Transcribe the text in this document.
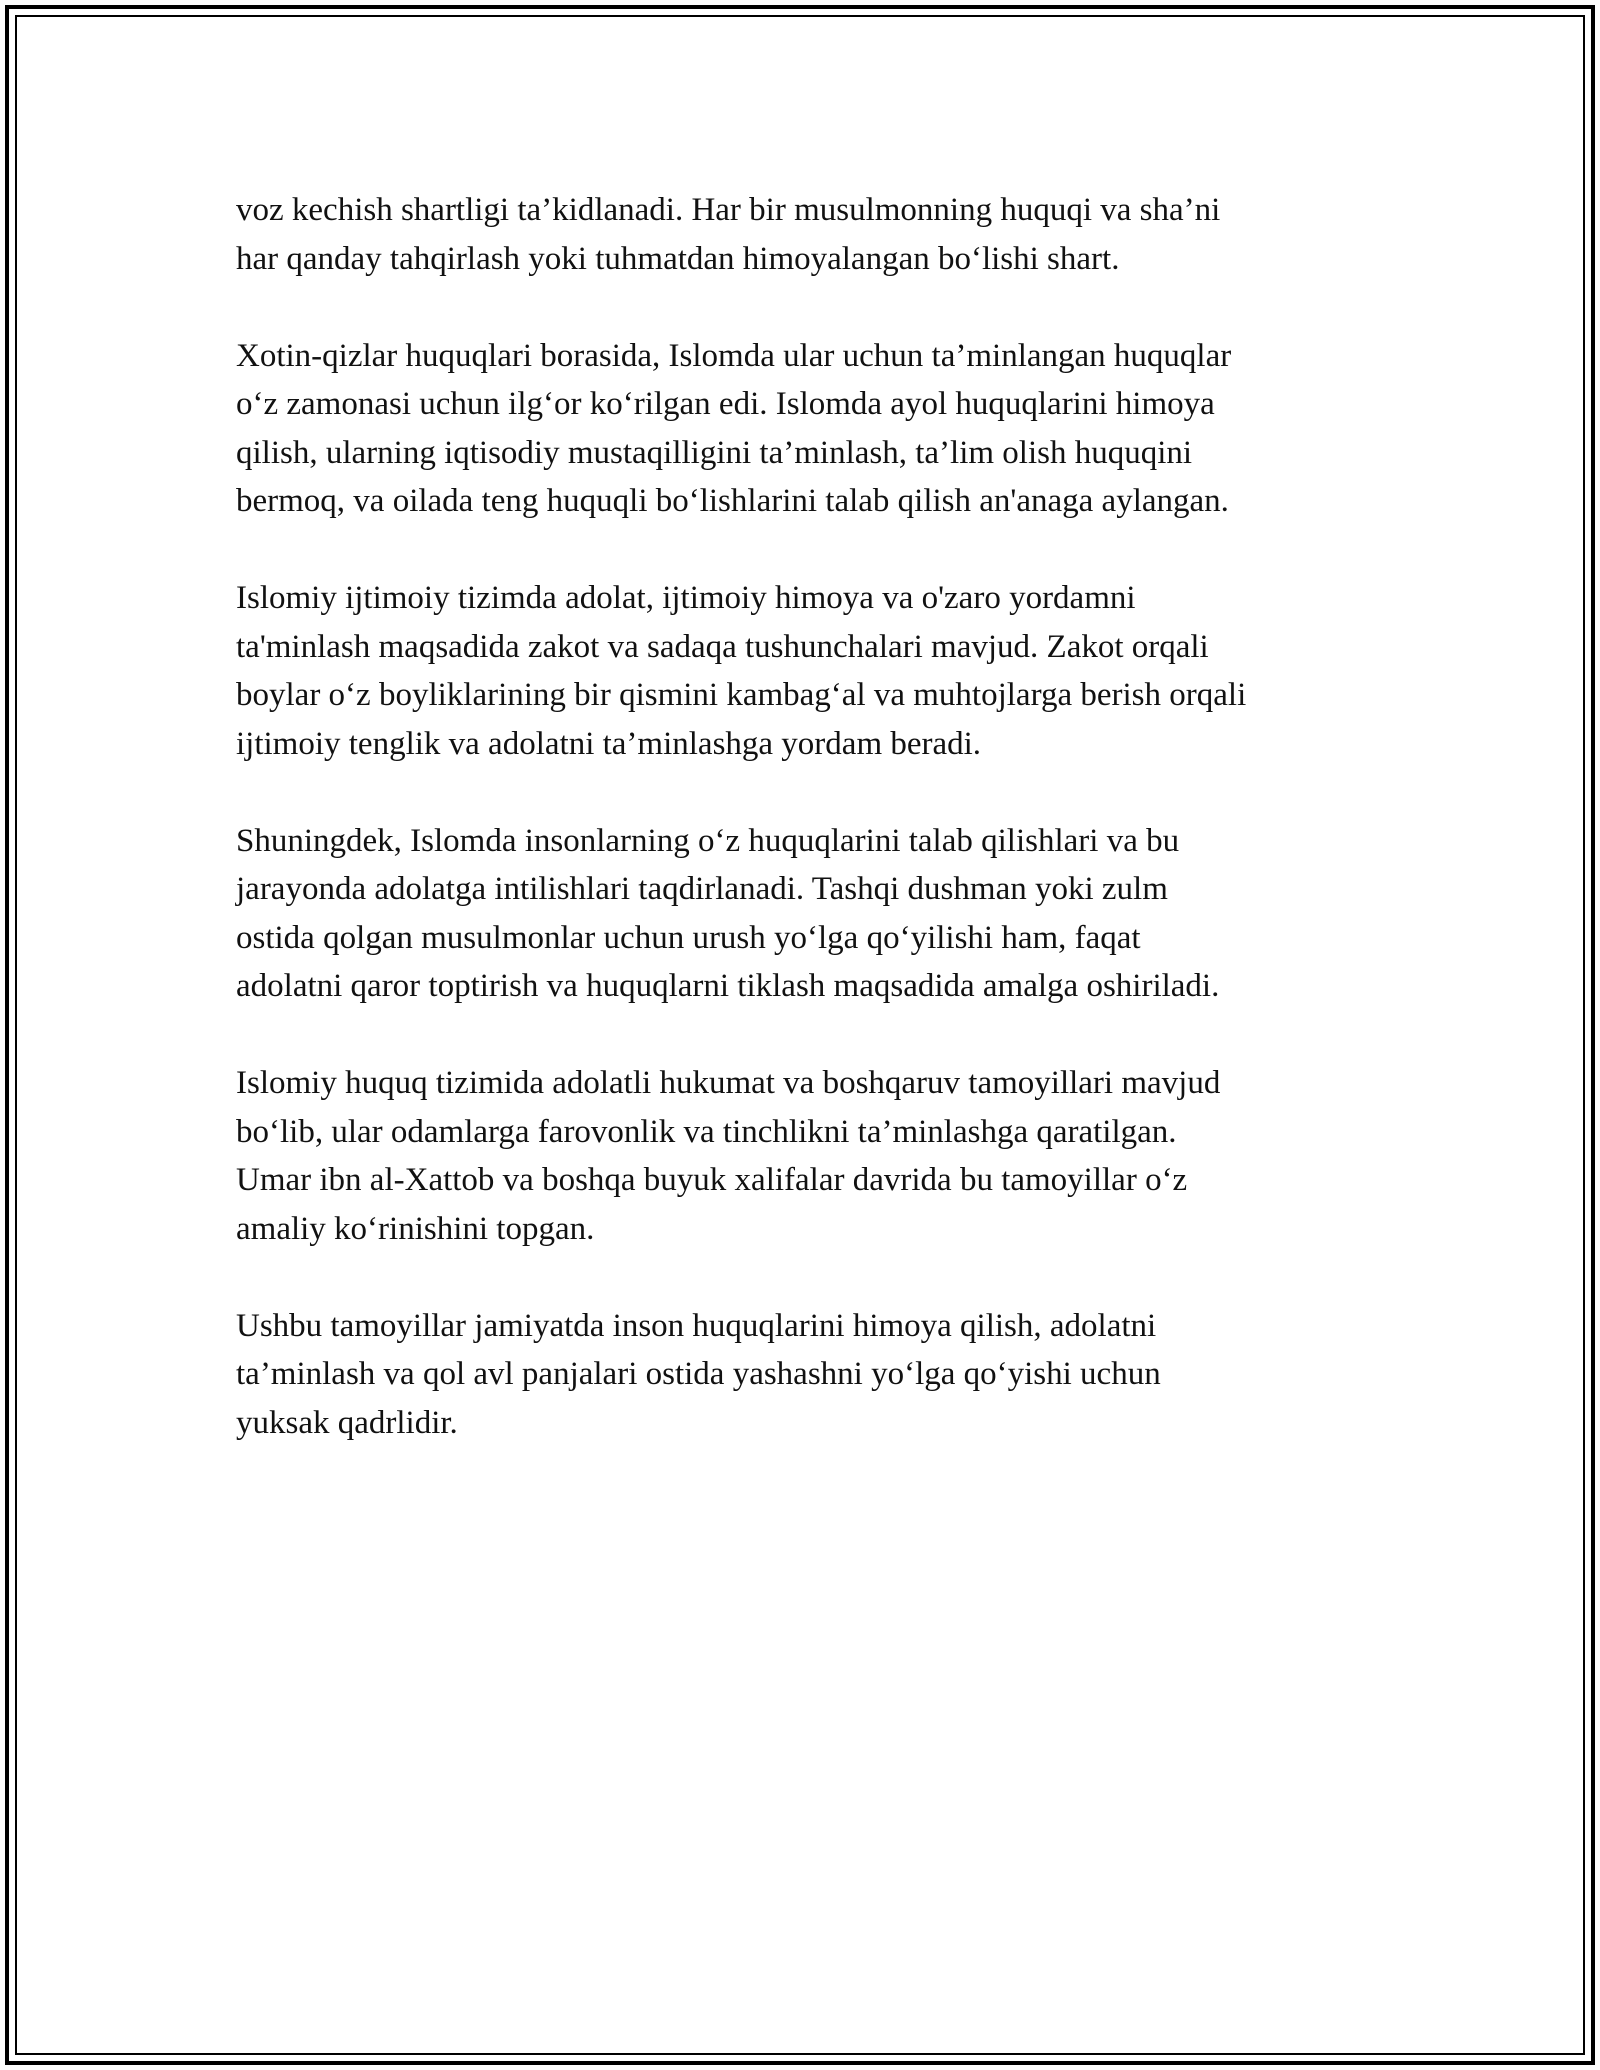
voz kechish shartligi ta’kidlanadi. Har bir musulmonning huquqi va sha’ni
har qanday tahqirlash yoki tuhmatdan himoyalangan bo‘lishi shart.

Xotin-qizlar huquqlari borasida, Islomda ular uchun ta’minlangan huquqlar
o‘z zamonasi uchun ilg‘or ko‘rilgan edi. Islomda ayol huquqlarini himoya
qilish, ularning iqtisodiy mustaqilligini ta’minlash, ta’lim olish huquqini
bermoq, va oilada teng huquqli bo‘lishlarini talab qilish an'anaga aylangan.

Islomiy ijtimoiy tizimda adolat, ijtimoiy himoya va o'zaro yordamni
ta'minlash maqsadida zakot va sadaqa tushunchalari mavjud. Zakot orqali
boylar o‘z boyliklarining bir qismini kambag‘al va muhtojlarga berish orqali
ijtimoiy tenglik va adolatni ta’minlashga yordam beradi.

Shuningdek, Islomda insonlarning o‘z huquqlarini talab qilishlari va bu
jarayonda adolatga intilishlari taqdirlanadi. Tashqi dushman yoki zulm
ostida qolgan musulmonlar uchun urush yo‘lga qo‘yilishi ham, faqat
adolatni qaror toptirish va huquqlarni tiklash maqsadida amalga oshiriladi.

Islomiy huquq tizimida adolatli hukumat va boshqaruv tamoyillari mavjud
bo‘lib, ular odamlarga farovonlik va tinchlikni ta’minlashga qaratilgan.
Umar ibn al-Xattob va boshqa buyuk xalifalar davrida bu tamoyillar o‘z
amaliy ko‘rinishini topgan.

Ushbu tamoyillar jamiyatda inson huquqlarini himoya qilish, adolatni
ta’minlash va qol avl panjalari ostida yashashni yo‘lga qo‘yishi uchun
yuksak qadrlidir.
